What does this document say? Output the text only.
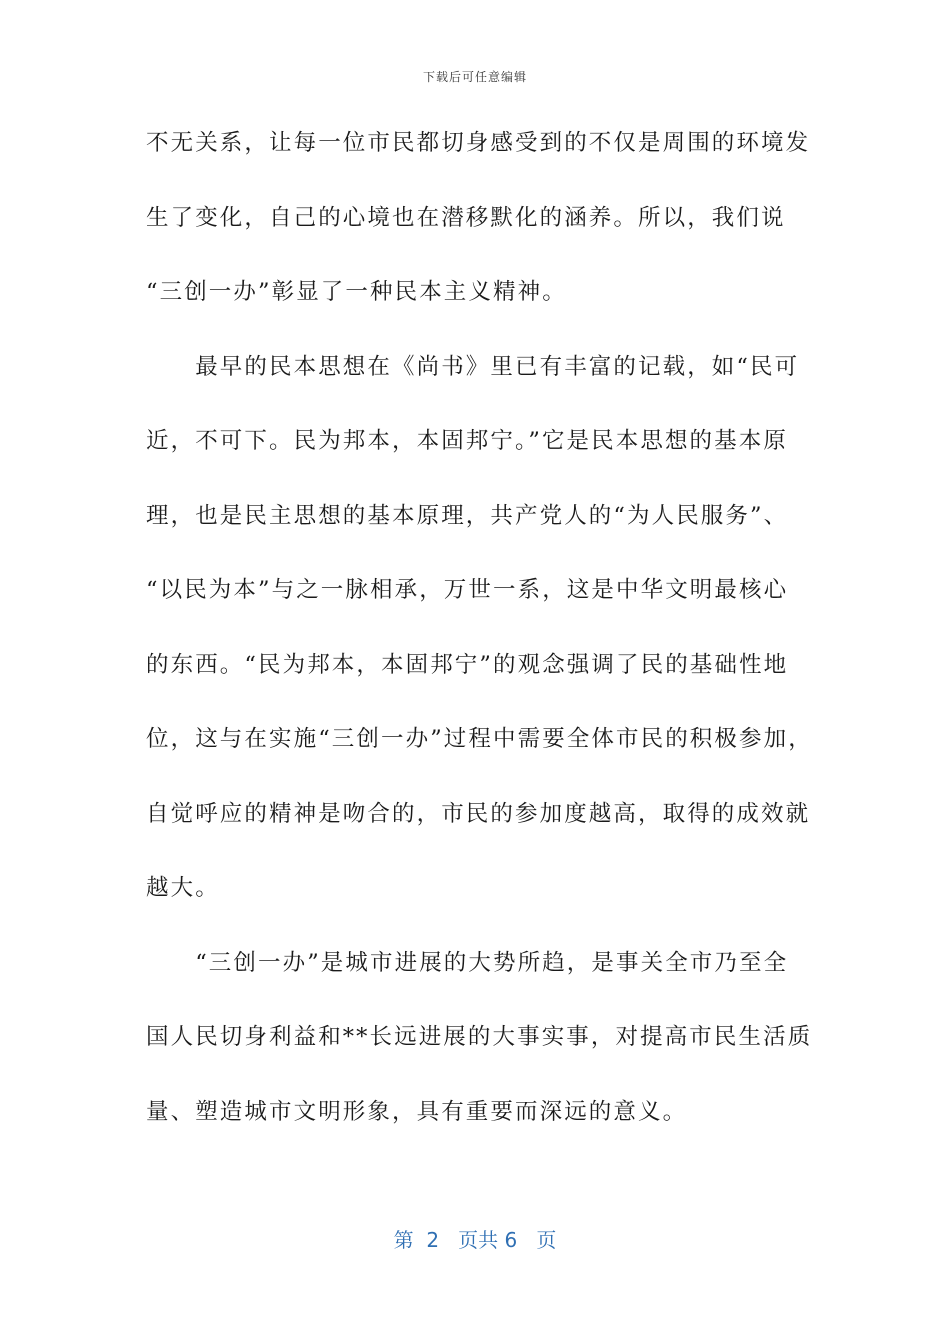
下载后可任意编辑
不无关系，让每一位市民都切身感受到的不仅是周围的环境发
生了变化，自己的心境也在潜移默化的涵养。所以，我们说
“三创一办”彰显了一种民本主义精神。
　　最早的民本思想在《尚书》里已有丰富的记载，如“民可
近，不可下。民为邦本，本固邦宁。”它是民本思想的基本原
理，也是民主思想的基本原理，共产党人的“为人民服务”、
“以民为本”与之一脉相承，万世一系，这是中华文明最核心
的东西。“民为邦本，本固邦宁”的观念强调了民的基础性地
位，这与在实施“三创一办”过程中需要全体市民的积极参加，
自觉呼应的精神是吻合的，市民的参加度越高，取得的成效就
越大。
　　“三创一办”是城市进展的大势所趋，是事关全市乃至全
国人民切身利益和**长远进展的大事实事，对提高市民生活质
量、塑造城市文明形象，具有重要而深远的意义。
第  2   页共 6   页
